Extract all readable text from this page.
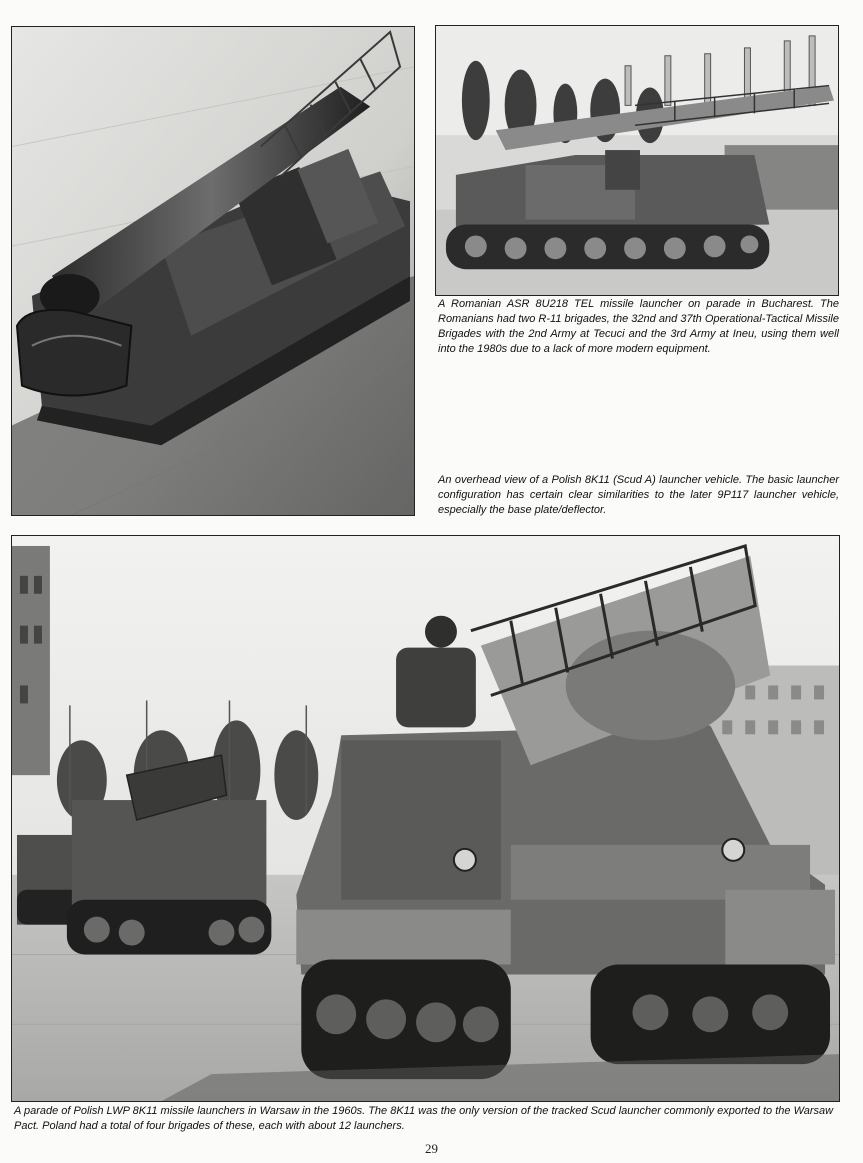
A Romanian ASR 8U218 TEL missile launcher on parade in Bucharest. The Romanians had two R-11 brigades, the 32nd and 37th Operational-Tactical Missile Brigades with the 2nd Army at Tecuci and the 3rd Army at Ineu, using them well into the 1980s due to a lack of more modern equipment.

An overhead view of a Polish 8K11 (Scud A) launcher vehicle. The basic launcher configuration has certain clear similarities to the later 9P117 launcher vehicle, especially the base plate/deflector.

A parade of Polish LWP 8K11 missile launchers in Warsaw in the 1960s. The 8K11 was the only version of the tracked Scud launcher commonly exported to the Warsaw Pact. Poland had a total of four brigades of these, each with about 12 launchers.

29
